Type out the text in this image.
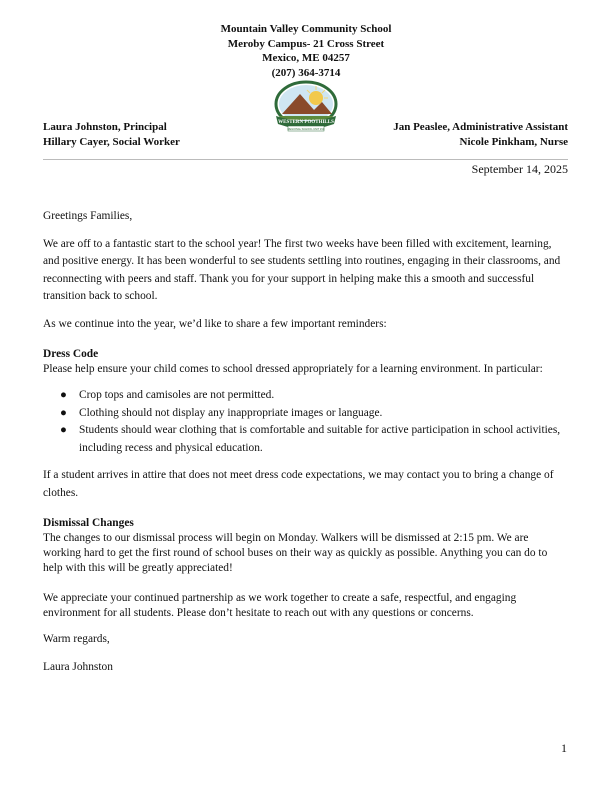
Mountain Valley Community School
Meroby Campus- 21 Cross Street
Mexico, ME 04257
(207) 364-3714
WESTERN FOOTHILLS
REGIONAL SCHOOL UNIT #10
Laura Johnston, Principal
Hillary Cayer, Social Worker
Jan Peaslee, Administrative Assistant
Nicole Pinkham, Nurse
September 14, 2025

Greetings Families,

We are off to a fantastic start to the school year! The first two weeks have been filled with excitement, learning, and positive energy. It has been wonderful to see students settling into routines, engaging in their classrooms, and reconnecting with peers and staff. Thank you for your support in helping make this a smooth and successful transition back to school.

As we continue into the year, we’d like to share a few important reminders:

Dress Code
Please help ensure your child comes to school dressed appropriately for a learning environment. In particular:
● Crop tops and camisoles are not permitted.
● Clothing should not display any inappropriate images or language.
● Students should wear clothing that is comfortable and suitable for active participation in school activities, including recess and physical education.

If a student arrives in attire that does not meet dress code expectations, we may contact you to bring a change of clothes.

Dismissal Changes

The changes to our dismissal process will begin on Monday. Walkers will be dismissed at 2:15 pm. We are working hard to get the first round of school buses on their way as quickly as possible. Anything you can do to help with this will be greatly appreciated!

We appreciate your continued partnership as we work together to create a safe, respectful, and engaging environment for all students. Please don’t hesitate to reach out with any questions or concerns.

Warm regards,

Laura Johnston

1
